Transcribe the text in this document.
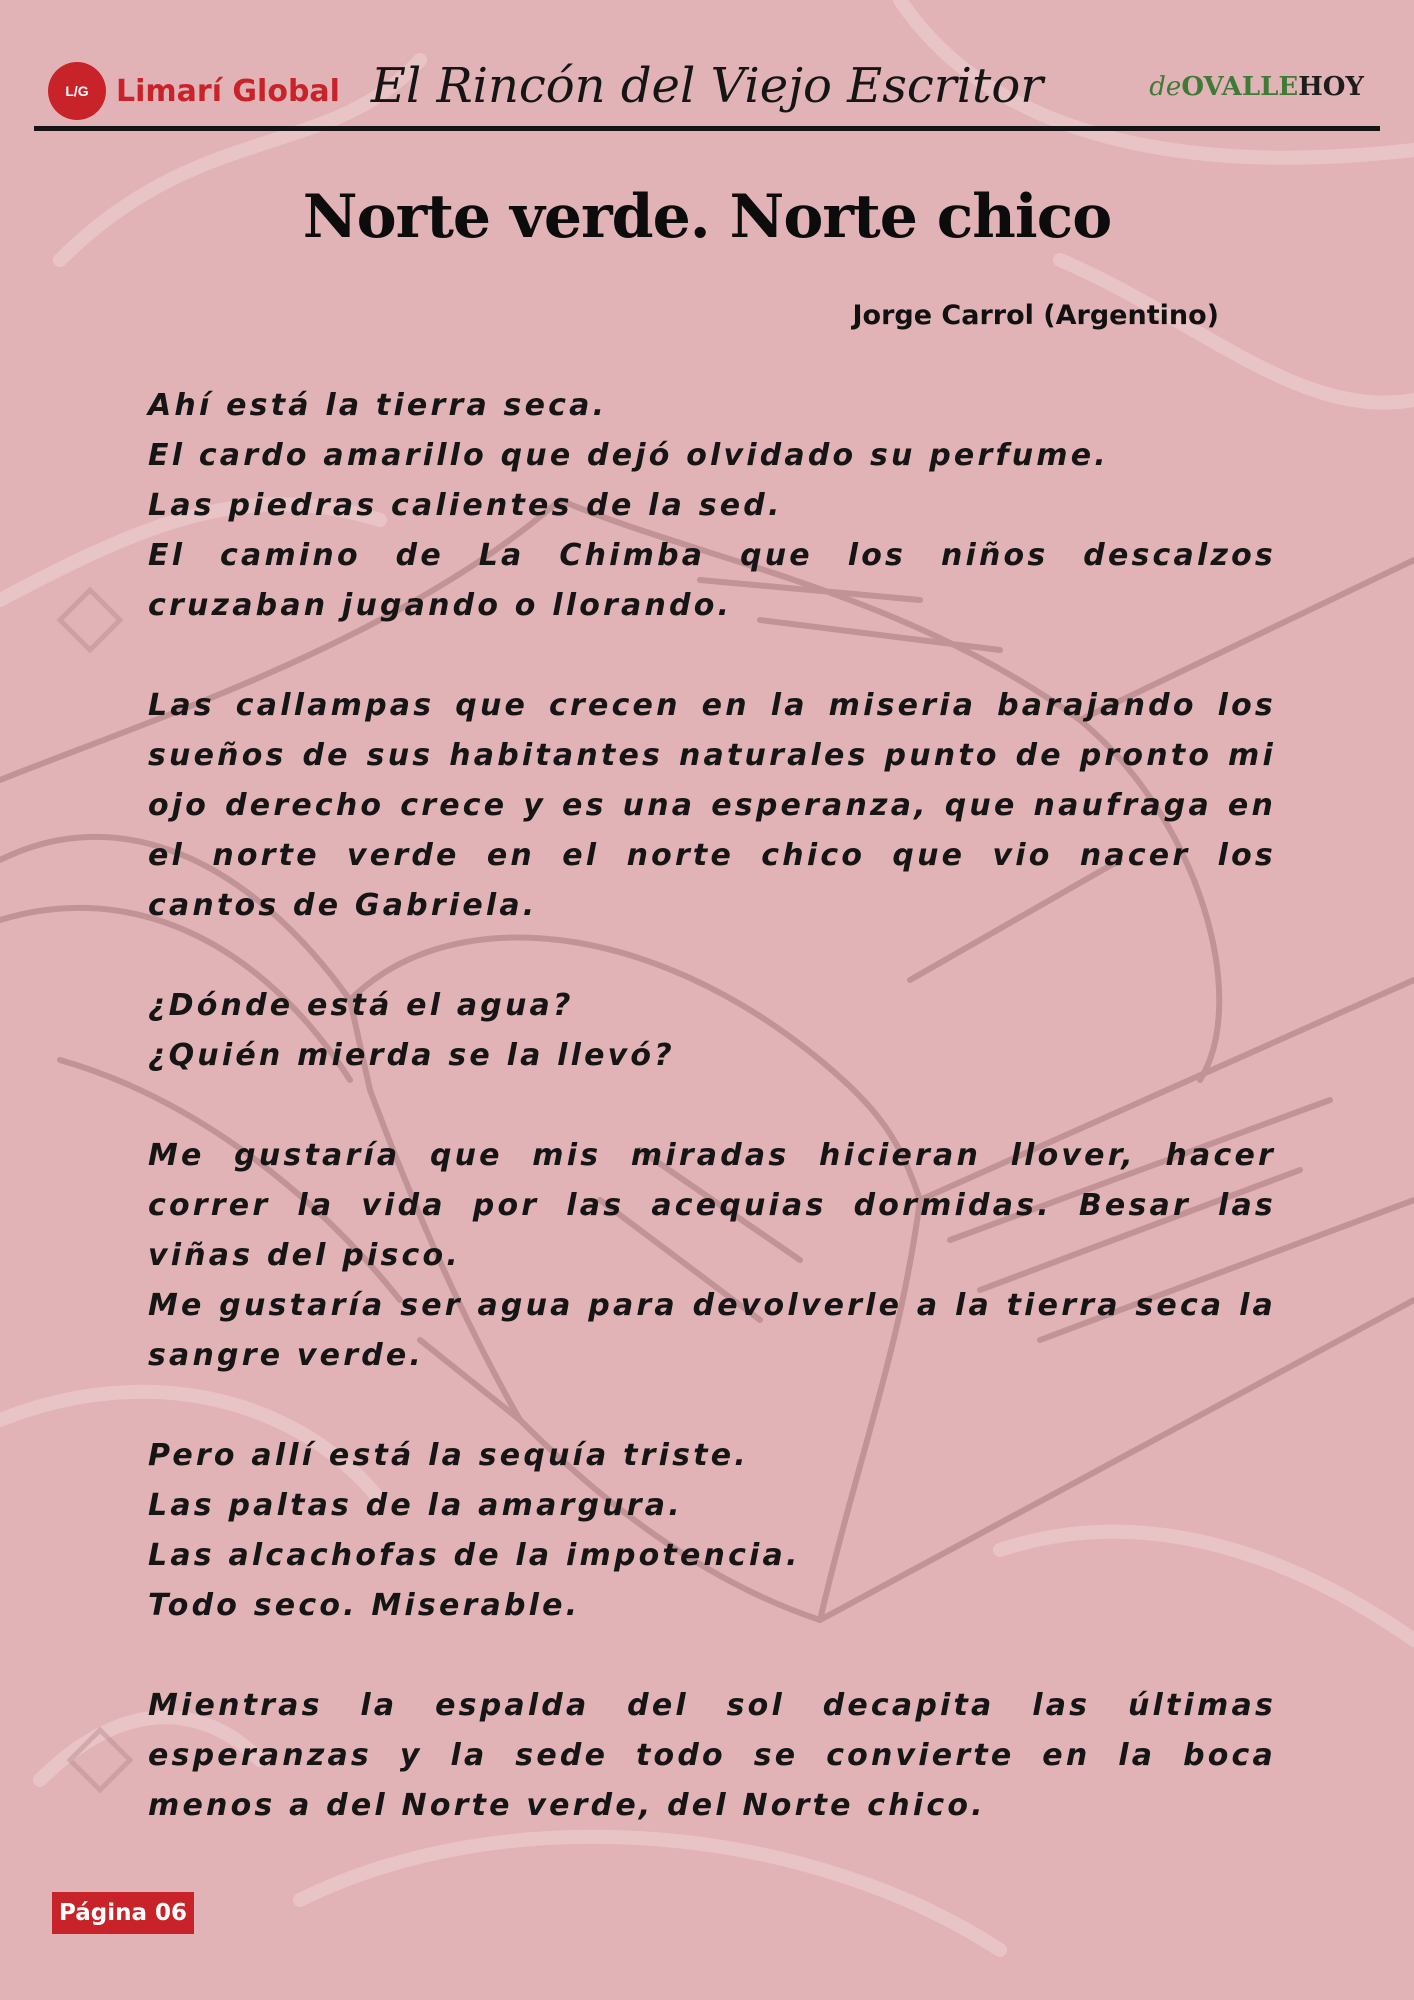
L/G Limarí Global El Rincón del Viejo Escritor	deOVALLEHOY
Norte verde. Norte chico
Jorge Carrol (Argentino)
Ahí está la tierra seca.
El cardo amarillo que dejó olvidado su perfume.
Las piedras calientes de la sed.
El camino de La Chimba que los niños descalzos cruzaban jugando o llorando.
Las callampas que crecen en la miseria barajando los sueños de sus habitantes naturales punto de pronto mi ojo derecho crece y es una esperanza, que naufraga en el norte verde en el norte chico que vio nacer los cantos de Gabriela.
¿Dónde está el agua?
¿Quién mierda se la llevó?
Me gustaría que mis miradas hicieran llover, hacer correr la vida por las acequias dormidas. Besar las viñas del pisco.
Me gustaría ser agua para devolverle a la tierra seca la sangre verde.
Pero allí está la sequía triste.
Las paltas de la amargura.
Las alcachofas de la impotencia.
Todo seco. Miserable.
Mientras la espalda del sol decapita las últimas esperanzas y la sede todo se convierte en la boca menos a del Norte verde, del Norte chico.
Página 06
